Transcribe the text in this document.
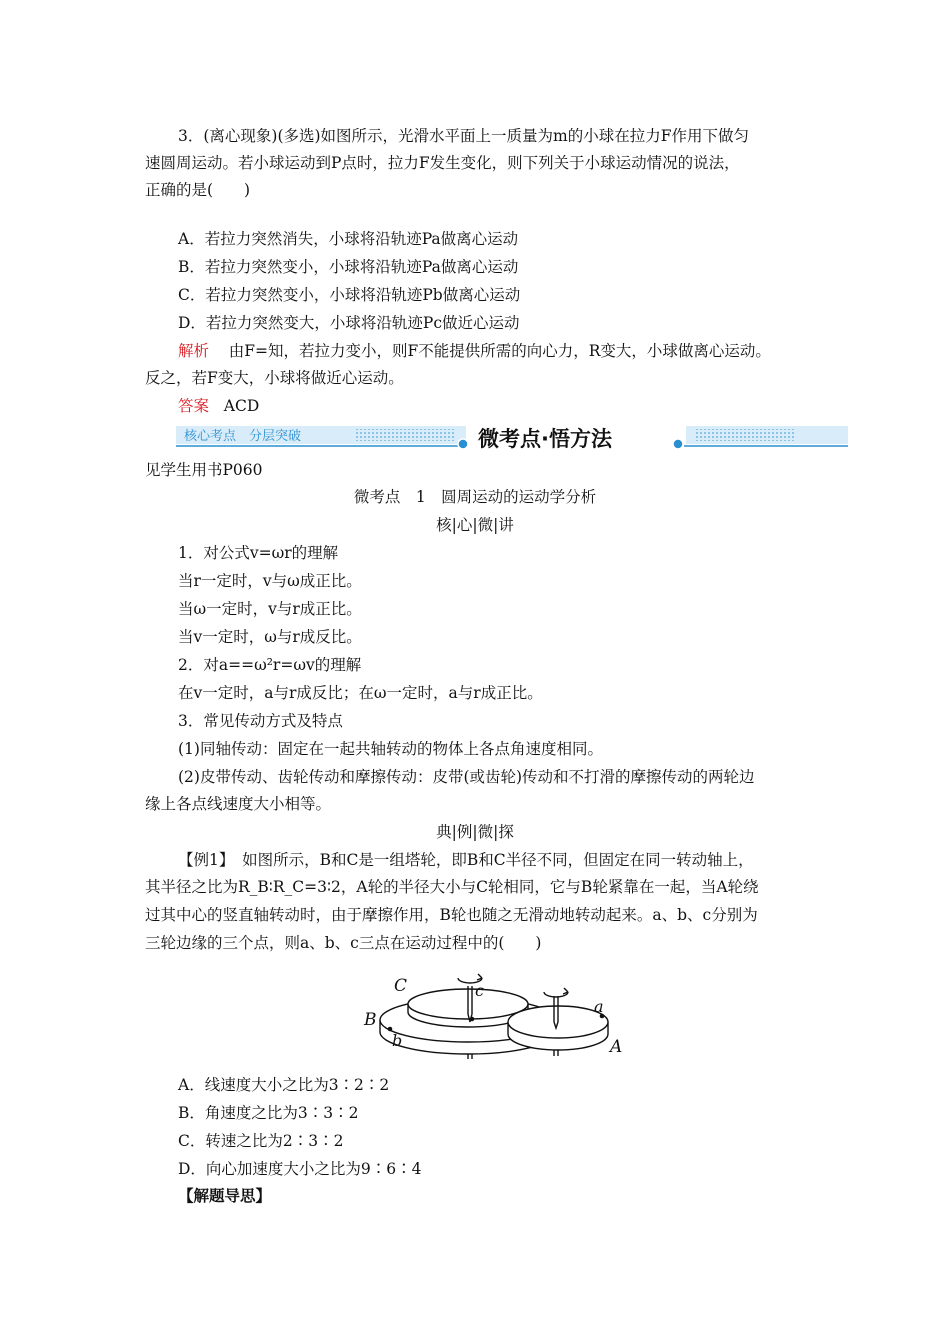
3．(离心现象)(多选)如图所示，光滑水平面上一质量为m的小球在拉力F作用下做匀
速圆周运动。若小球运动到P点时，拉力F发生变化，则下列关于小球运动情况的说法，
正确的是(　　)
A．若拉力突然消失，小球将沿轨迹Pa做离心运动
B．若拉力突然变小，小球将沿轨迹Pa做离心运动
C．若拉力突然变小，小球将沿轨迹Pb做离心运动
D．若拉力突然变大，小球将沿轨迹Pc做近心运动
解析 由F=知，若拉力变小，则F不能提供所需的向心力，R变大，小球做离心运动。
反之，若F变大，小球将做近心运动。
答案 ACD
核心考点　分层突破	微考点·悟方法
见学生用书P060
微考点　1　圆周运动的运动学分析
核|心|微|讲
1．对公式v=ωr的理解
当r一定时，v与ω成正比。
当ω一定时，v与r成正比。
当v一定时，ω与r成反比。
2．对a==ω²r=ωv的理解
在v一定时，a与r成反比；在ω一定时，a与r成正比。
3．常见传动方式及特点
(1)同轴传动：固定在一起共轴转动的物体上各点角速度相同。
(2)皮带传动、齿轮传动和摩擦传动：皮带(或齿轮)传动和不打滑的摩擦传动的两轮边
缘上各点线速度大小相等。
典|例|微|探
【例1】　如图所示，B和C是一组塔轮，即B和C半径不同，但固定在同一转动轴上，
其半径之比为R_B∶R_C=3∶2，A轮的半径大小与C轮相同，它与B轮紧靠在一起，当A轮绕
过其中心的竖直轴转动时，由于摩擦作用，B轮也随之无滑动地转动起来。a、b、c分别为
三轮边缘的三个点，则a、b、c三点在运动过程中的(　　)
C	c
B
b
a
A
A．线速度大小之比为3∶2∶2
B．角速度之比为3∶3∶2
C．转速之比为2∶3∶2
D．向心加速度大小之比为9∶6∶4
【解题导思】
